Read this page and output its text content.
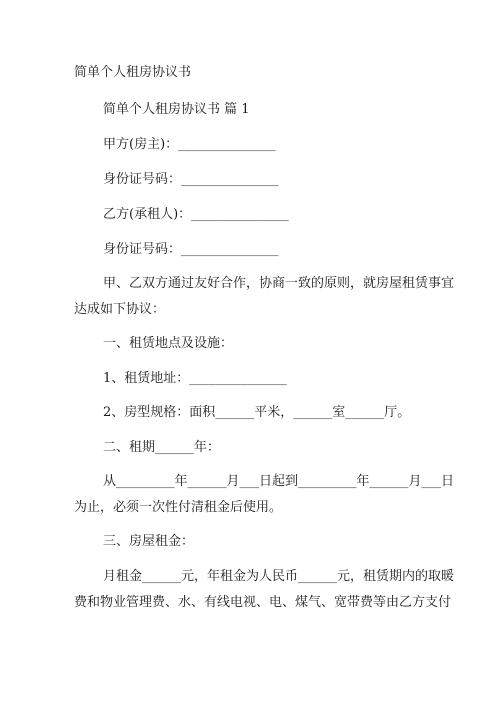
简单个人租房协议书
简单个人租房协议书 篇 1
甲方(房主)：_______________
身份证号码：_______________
乙方(承租人)：_______________
身份证号码：_______________
甲、乙双方通过友好合作，协商一致的原则，就房屋租赁事宜
达成如下协议：
一、租赁地点及设施：
1、租赁地址：_______________
2、房型规格：面积______平米，______室______厅。
二、租期______年：
从_________年______月___日起到_________年______月___日
为止，必须一次性付清租金后使用。
三、房屋租金：
月租金______元，年租金为人民币______元，租赁期内的取暖
费和物业管理费、水、有线电视、电、煤气、宽带费等由乙方支付
